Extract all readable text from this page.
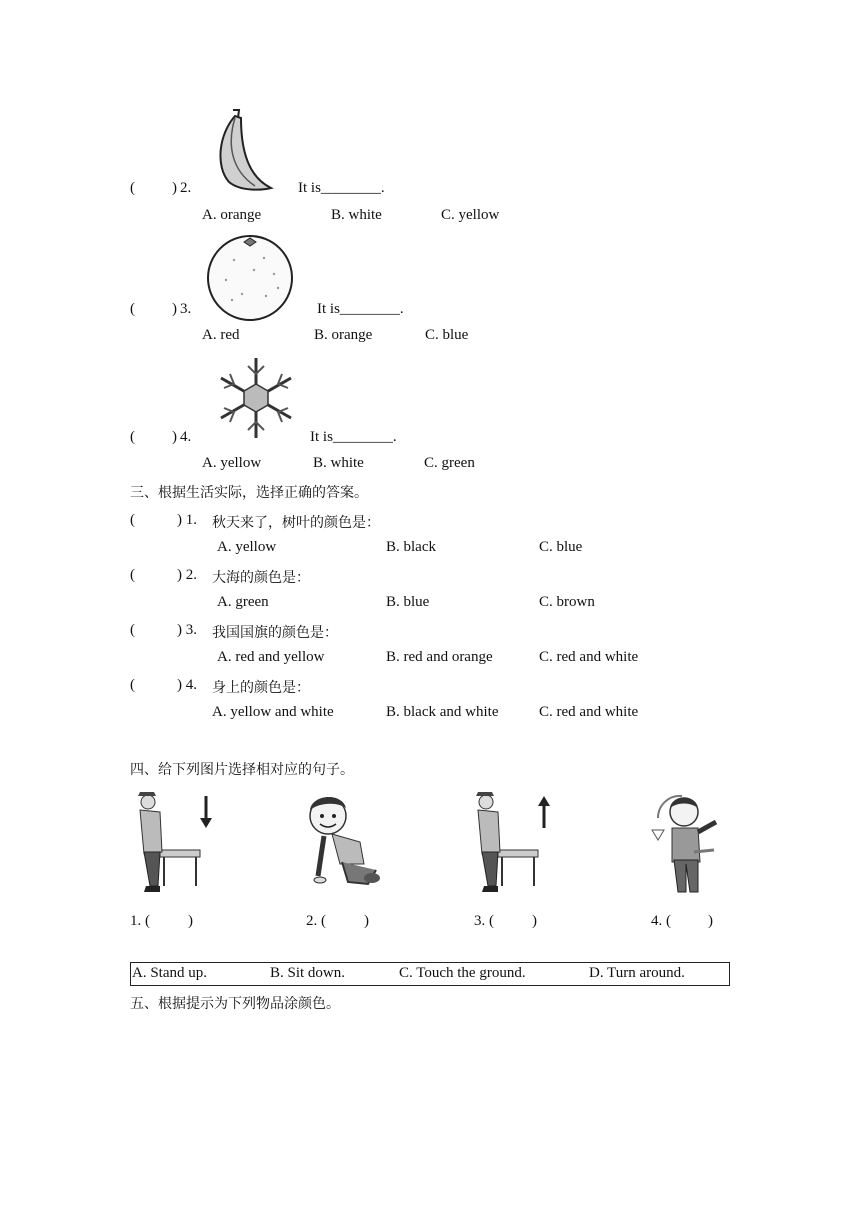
( ) 2.	It is________.
A. orange	B. white	C. yellow
( ) 3.	It is________.
A. red	B. orange	C. blue
( ) 4.	It is________.
A. yellow	B. white	C. green
三、根据生活实际，选择正确的答案。
(	) 1. 秋天来了，树叶的颜色是：
A. yellow	B. black	C. blue
(	) 2. 大海的颜色是：
A. green	B. blue	C. brown
(	) 3. 我国国旗的颜色是：
A. red and yellow	B. red and orange	C. red and white
(	) 4. 身上的颜色是：
A. yellow and white	B. black and white	C. red and white
四、给下列图片选择相对应的句子。
1. (	)	2. (	)	3. (	)	4. ( )
A. Stand up.	B. Sit down.	C. Touch the ground.	D. Turn around.
五、根据提示为下列物品涂颜色。
